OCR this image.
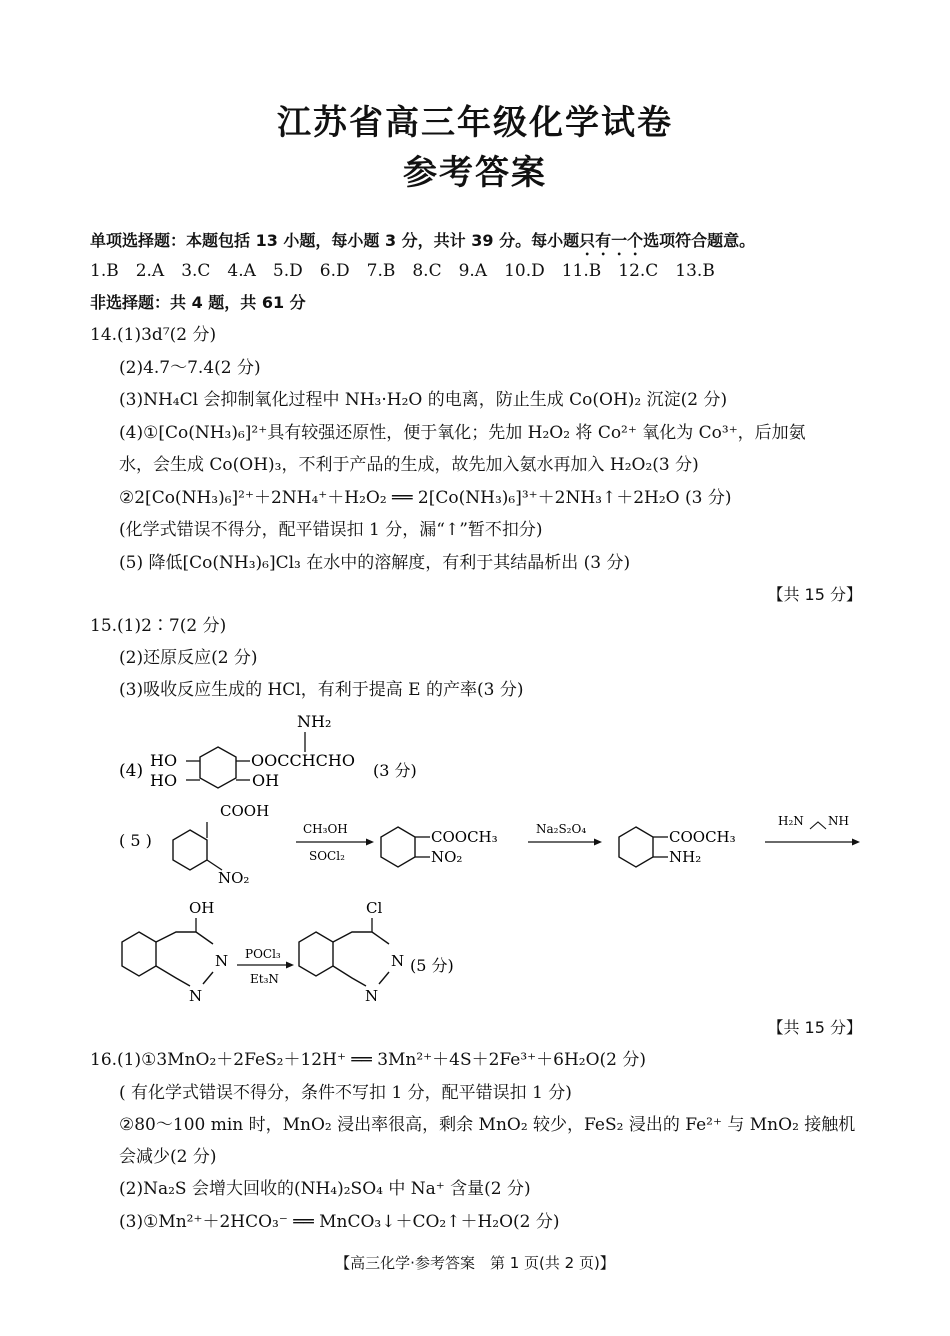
江苏省高三年级化学试卷
参考答案
单项选择题：本题包括 13 小题，每小题 3 分，共计 39 分。每小题只有一个选项符合题意。
1.B　2.A　3.C　4.A　5.D　6.D　7.B　8.C　9.A　10.D　11.B　12.C　13.B
非选择题：共 4 题，共 61 分
14.(1)3d⁷(2 分)
(2)4.7～7.4(2 分)
(3)NH₄Cl 会抑制氧化过程中 NH₃·H₂O 的电离，防止生成 Co(OH)₂ 沉淀(2 分)
(4)①[Co(NH₃)₆]²⁺具有较强还原性，便于氧化；先加 H₂O₂ 将 Co²⁺ 氧化为 Co³⁺，后加氨
水，会生成 Co(OH)₃，不利于产品的生成，故先加入氨水再加入 H₂O₂(3 分)
②2[Co(NH₃)₆]²⁺＋2NH₄⁺＋H₂O₂ ══ 2[Co(NH₃)₆]³⁺＋2NH₃↑＋2H₂O (3 分)
(化学式错误不得分，配平错误扣 1 分，漏“↑”暂不扣分)
(5) 降低[Co(NH₃)₆]Cl₃ 在水中的溶解度，有利于其结晶析出 (3 分)
【共 15 分】
15.(1)2∶7(2 分)
(2)还原反应(2 分)
(3)吸收反应生成的 HCl，有利于提高 E 的产率(3 分)
(4)
NH₂
HO
HO
OOCCHCHO
OH
(3 分)
( 5 )
COOH
NO₂
CH₃OH
SOCl₂
COOCH₃
NO₂
Na₂S₂O₄	COOCH₃
NH₂
H₂N NH
OH
N
N
POCl₃
Et₃N
Cl
N
N
(5 分)
【共 15 分】
16.(1)①3MnO₂＋2FeS₂＋12H⁺ ══ 3Mn²⁺＋4S＋2Fe³⁺＋6H₂O(2 分)
( 有化学式错误不得分，条件不写扣 1 分，配平错误扣 1 分)
②80～100 min 时，MnO₂ 浸出率很高，剩余 MnO₂ 较少，FeS₂ 浸出的 Fe²⁺ 与 MnO₂ 接触机
会减少(2 分)
(2)Na₂S 会增大回收的(NH₄)₂SO₄ 中 Na⁺ 含量(2 分)
(3)①Mn²⁺＋2HCO₃⁻ ══ MnCO₃↓＋CO₂↑＋H₂O(2 分)
【高三化学·参考答案　第 1 页(共 2 页)】
